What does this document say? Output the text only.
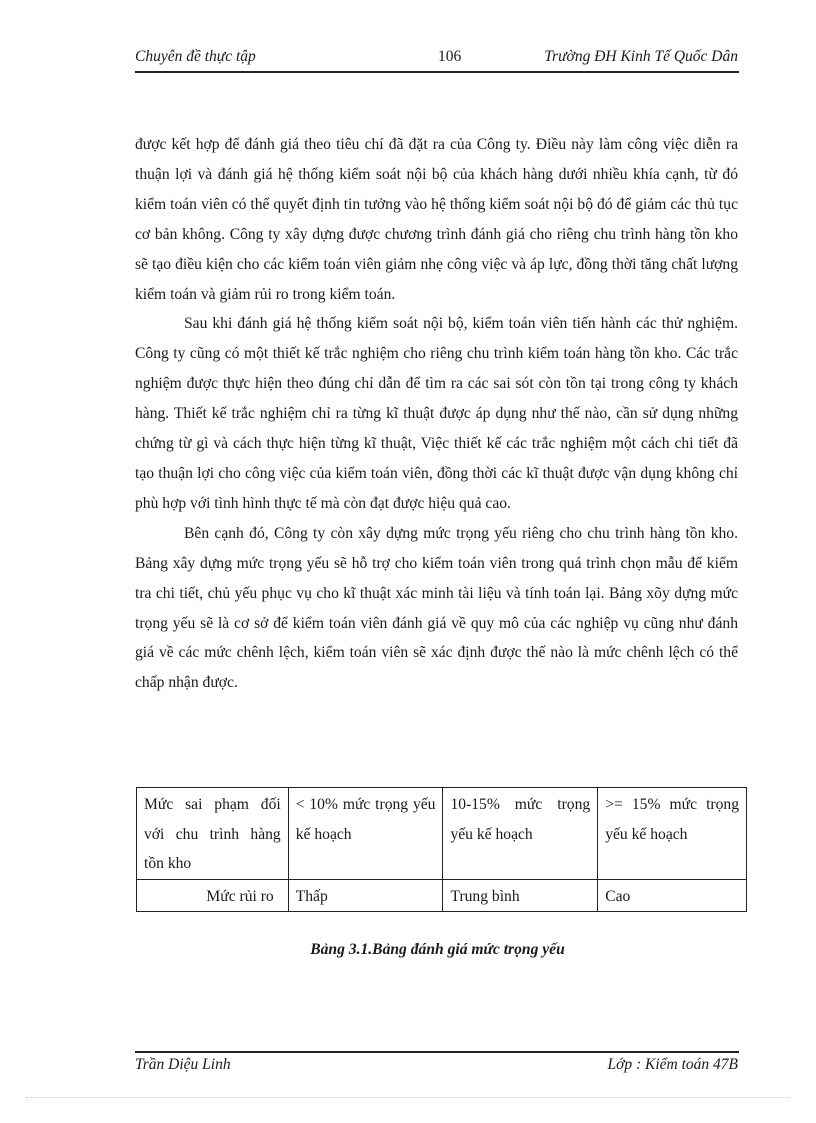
Chuyên đề thực tập	106	Trường ĐH Kinh Tế Quốc Dân

được kết hợp để đánh giá theo tiêu chí đã đặt ra của Công ty. Điều này làm công việc diễn ra thuận lợi và đánh giá hệ thống kiểm soát nội bộ của khách hàng dưới nhiều khía cạnh, từ đó kiểm toán viên có thể quyết định tin tưởng vào hệ thống kiểm soát nội bộ đó để giảm các thủ tục cơ bản không. Công ty xây dựng được chương trình đánh giá cho riêng chu trình hàng tồn kho sẽ tạo điều kiện cho các kiểm toán viên giảm nhẹ công việc và áp lực, đồng thời tăng chất lượng kiểm toán và giảm rủi ro trong kiểm toán.

Sau khi đánh giá hệ thống kiểm soát nội bộ, kiểm toán viên tiến hành các thử nghiệm. Công ty cũng có một thiết kế trắc nghiệm cho riêng chu trình kiểm toán hàng tồn kho. Các trắc nghiệm được thực hiện theo đúng chỉ dẫn để tìm ra các sai sót còn tồn tại trong công ty khách hàng. Thiết kế trắc nghiệm chỉ ra từng kĩ thuật được áp dụng như thế nào, cần sử dụng những chứng từ gì và cách thực hiện từng kĩ thuật, Việc thiết kế các trắc nghiệm một cách chi tiết đã tạo thuận lợi cho công việc của kiểm toán viên, đồng thời các kĩ thuật được vận dụng không chỉ phù hợp với tình hình thực tế mà còn đạt được hiệu quả cao.

Bên cạnh đó, Công ty còn xây dựng mức trọng yếu riêng cho chu trình hàng tồn kho. Bảng xây dựng mức trọng yếu sẽ hỗ trợ cho kiểm toán viên trong quá trình chọn mẫu để kiểm tra chi tiết, chủ yếu phục vụ cho kĩ thuật xác minh tài liệu và tính toán lại. Bảng xõy dựng mức trọng yếu sẽ là cơ sở để kiểm toán viên đánh giá về quy mô của các nghiệp vụ cũng như đánh giá về các mức chênh lệch, kiểm toán viên sẽ xác định được thế nào là mức chênh lệch có thể chấp nhận được.

Mức sai phạm đối với chu trình hàng tồn kho	< 10% mức trọng yếu kế hoạch	10-15% mức trọng yếu kế hoạch	>= 15% mức trọng yếu kế hoạch
Mức rủi ro	Thấp	Trung bình	Cao
Bảng 3.1.Bảng đánh giá mức trọng yếu
Trần Diệu Linh	Lớp : Kiểm toán 47B
